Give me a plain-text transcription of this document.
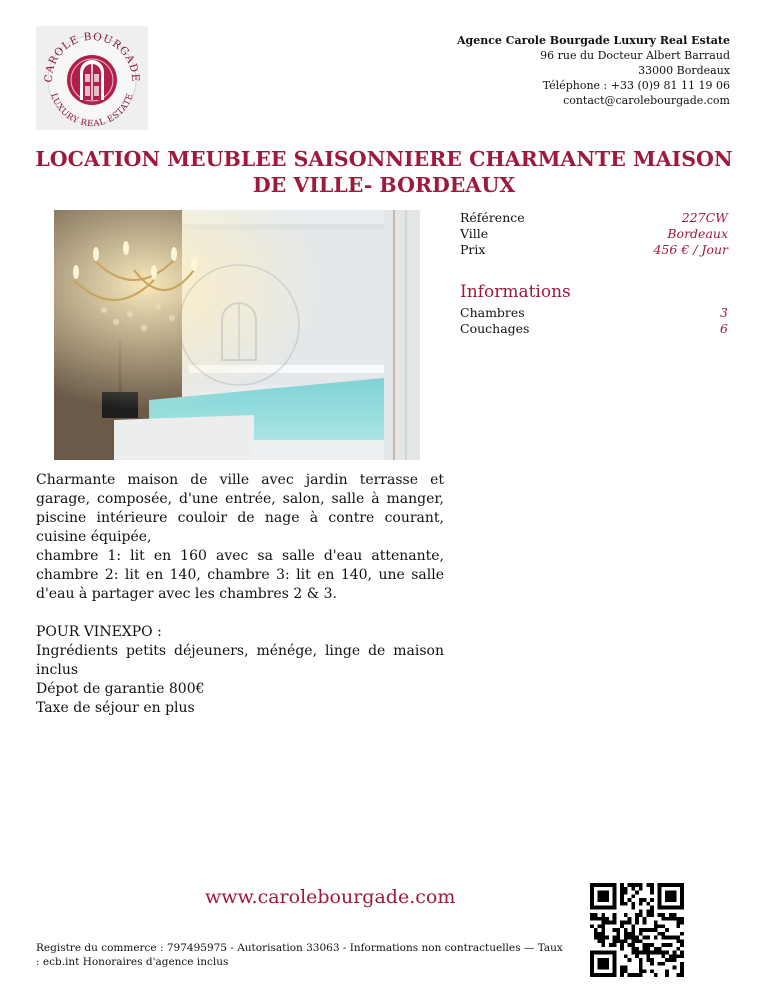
CAROLE BOURGADE
LUXURY REAL ESTATE
Agence Carole Bourgade Luxury Real Estate
96 rue du Docteur Albert Barraud
33000 Bordeaux
Téléphone : +33 (0)9 81 11 19 06
contact@carolebourgade.com
LOCATION MEUBLEE SAISONNIERE CHARMANTE MAISON DE VILLE- BORDEAUX
Référence	227CW
Ville	Bordeaux
Prix	456 € / Jour
Informations
Chambres	3
Couchages	6

Charmante maison de ville avec jardin terrasse et garage, composée, d'une entrée, salon, salle à manger, piscine intérieure couloir de nage à contre courant, cuisine équipée,

chambre 1: lit en 160 avec sa salle d'eau attenante, chambre 2: lit en 140, chambre 3: lit en 140, une salle d'eau à partager avec les chambres 2 & 3.

POUR VINEXPO :

Ingrédients petits déjeuners, ménége, linge de maison inclus

Dépot de garantie 800€

Taxe de séjour en plus

www.carolebourgade.com
Registre du commerce : 797495975 - Autorisation 33063 - Informations non contractuelles — Taux : ecb.int Honoraires d'agence inclus
